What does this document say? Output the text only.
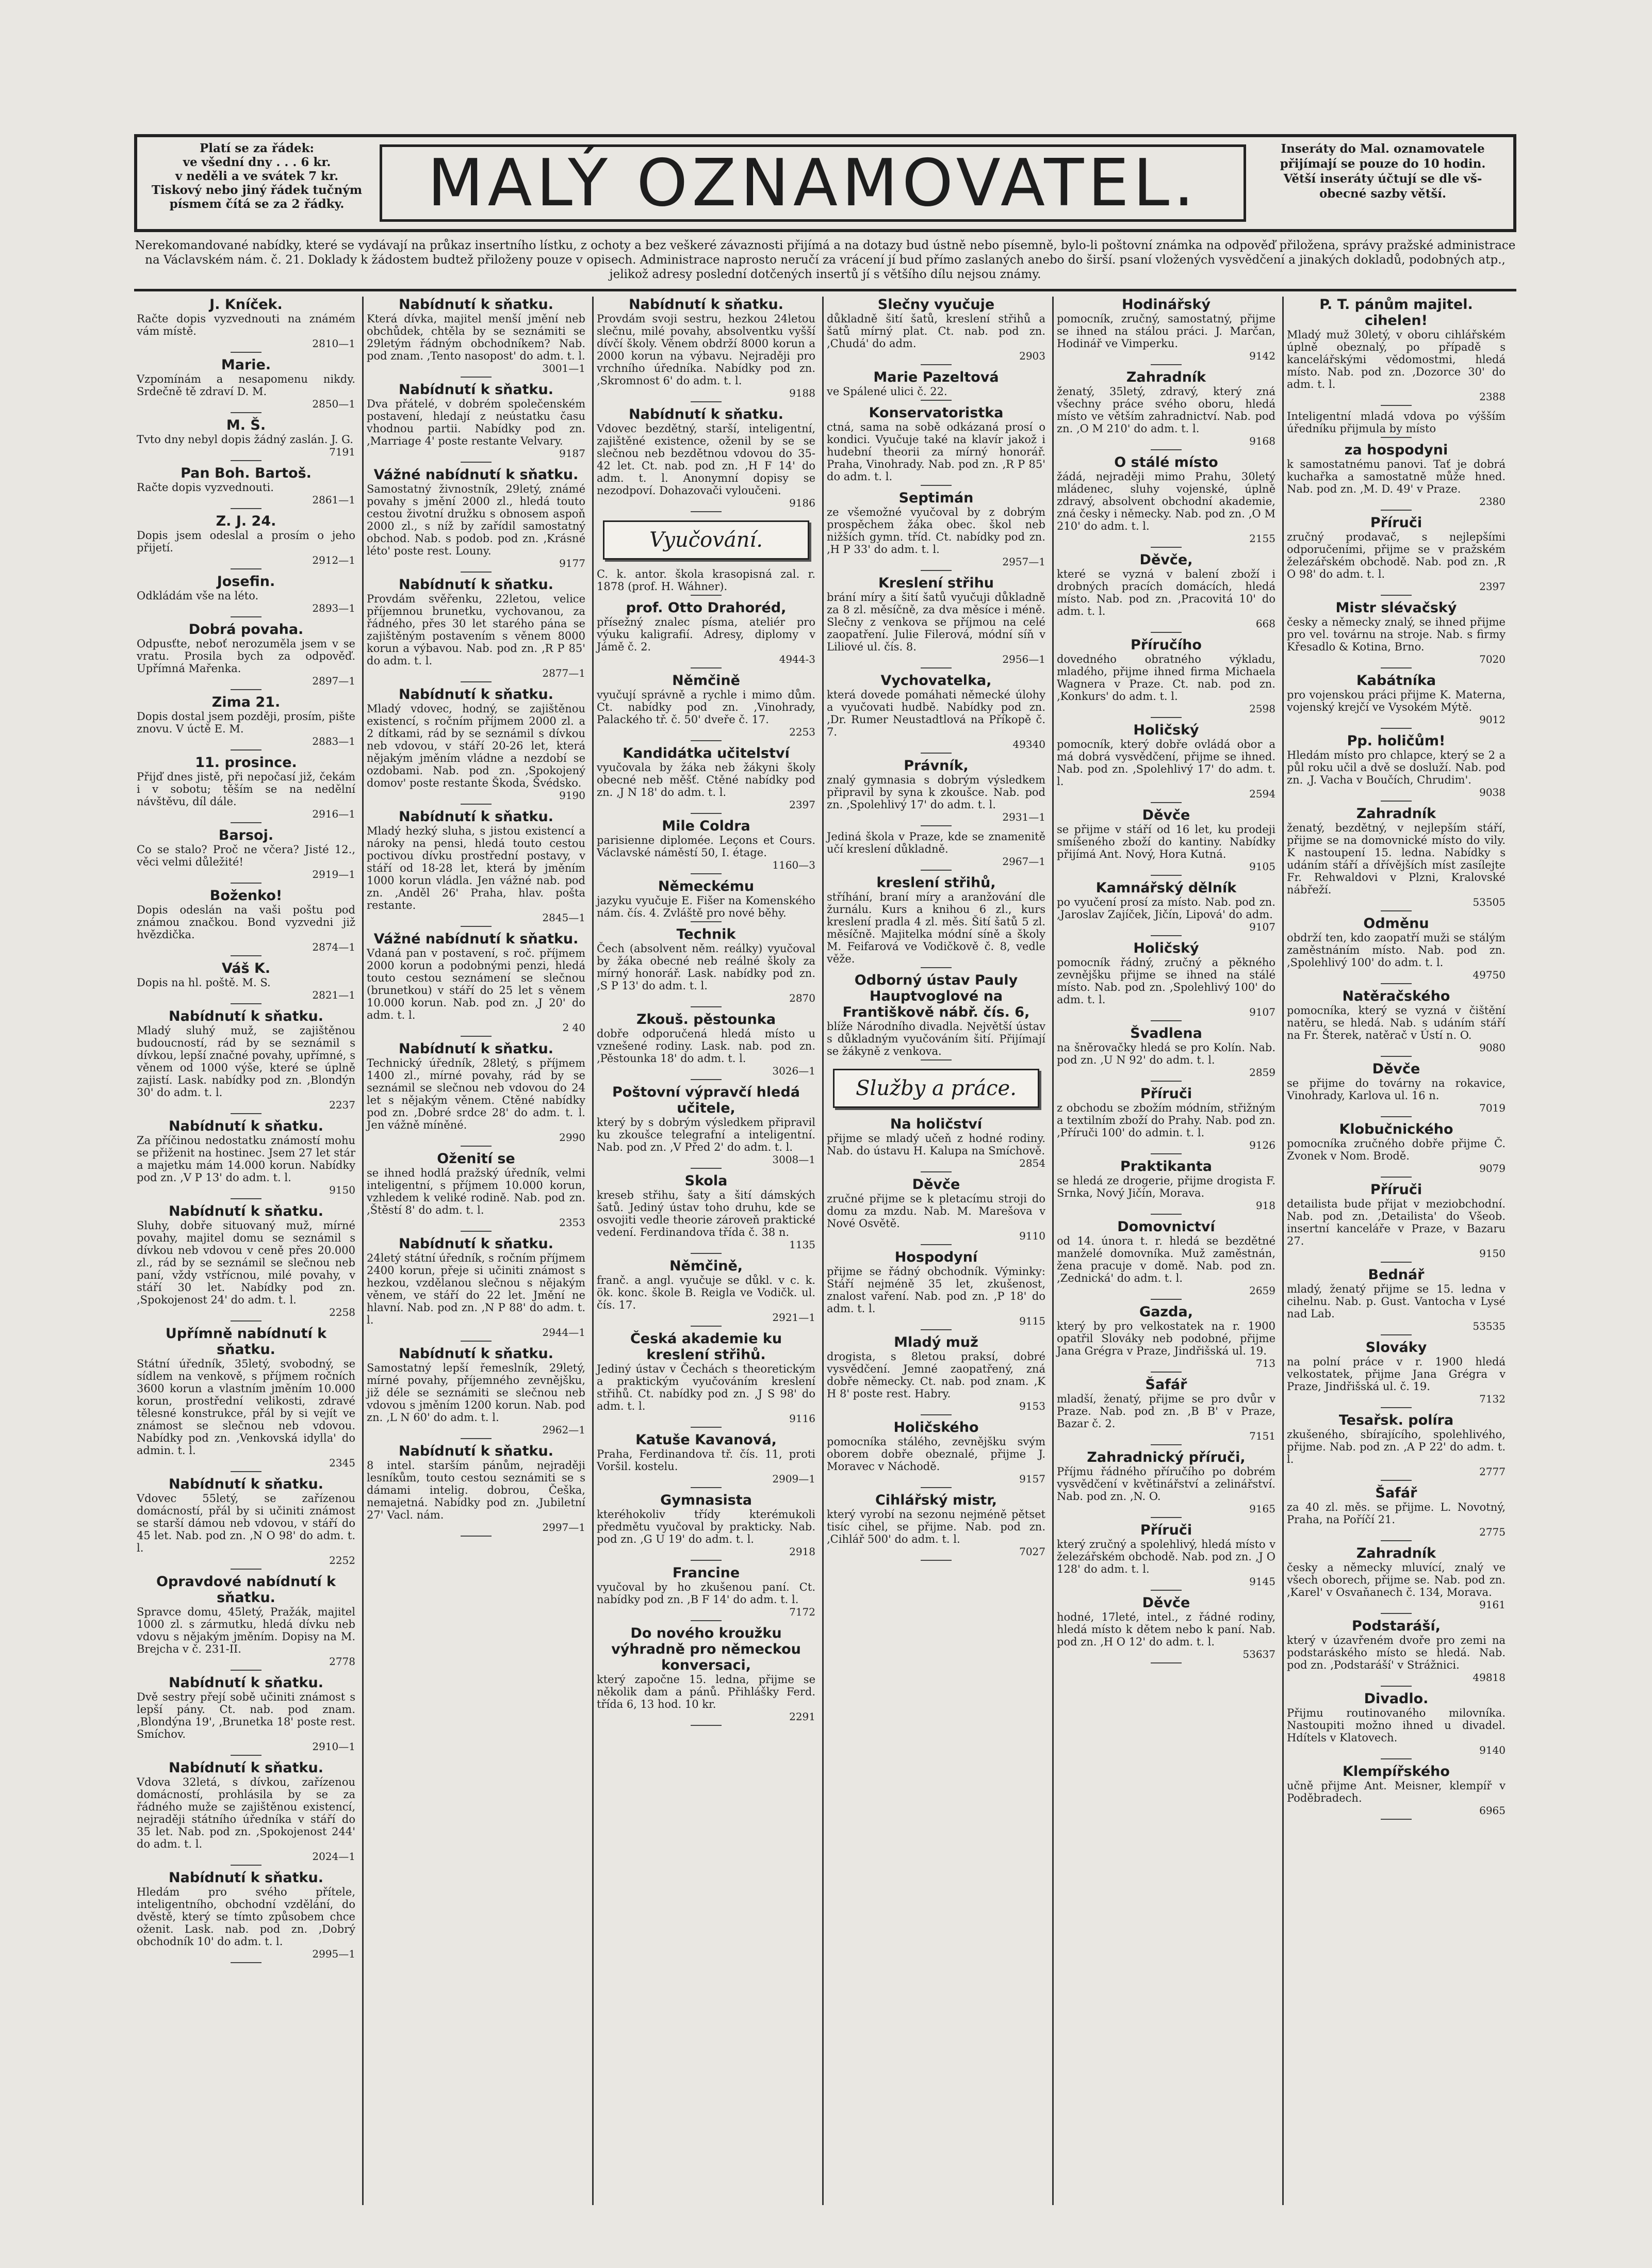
Platí se za řádek:
ve všední dny . . . 6 kr.
v neděli a ve svátek 7 kr.
Tiskový nebo jiný řádek tučným
písmem čítá se za 2 řádky.	MALÝ OZNAMOVATEL.	Inseráty do Mal. oznamovatele
přijímají se pouze do 10 hodin.
Větší inseráty účtují se dle vš-
obecné sazby větší.
Nerekomandované nabídky, které se vydávají na průkaz insertního lístku, z ochoty a bez veškeré závaznosti přijímá a na dotazy bud ústně nebo písemně, bylo-li poštovní známka na odpověď přiložena, správy pražské administrace na Václavském nám. č. 21. Doklady k žádostem budtež přiloženy pouze v opisech. Administrace naprosto neručí za vrácení jí bud přímo zaslaných anebo do širší. psaní vložených vysvědčení a jinakých dokladů, podobných atp., jelikož adresy poslední dotčených insertů jí s většího dílu nejsou známy.
J. Kníček.
Račte dopis vyzvednouti na známém vám místě.
2810—1
Marie.
Vzpomínám a nesapomenu nikdy. Srdečně tě zdraví D. M.
2850—1
M. Š.
Tvto dny nebyl dopis žádný zaslán. J. G.
7191
Pan Boh. Bartoš.
Račte dopis vyzvednouti.
2861—1
Z. J. 24.
Dopis jsem odeslal a prosím o jeho přijetí.
2912—1
Josefin.
Odkládám vše na léto.
2893—1
Dobrá povaha.
Odpusťte, neboť nerozuměla jsem v se vratu. Prosila bych za odpověď. Upřímná Mařenka.
2897—1
Zima 21.
Dopis dostal jsem později, prosím, pište znovu. V úctě E. M.
2883—1
11. prosince.
Přijď dnes jistě, při nepočasí již, čekám i v sobotu; těším se na nedělní návštěvu, díl dále.
2916—1
Barsoj.
Co se stalo? Proč ne včera? Jisté 12., věci velmi důležité!
2919—1
Boženko!
Dopis odeslán na vaši poštu pod známou značkou. Bond vyzvedni již hvězdička.
2874—1
Váš K.
Dopis na hl. poště. M. S.
2821—1
Nabídnutí k sňatku.
Mladý sluhý muž, se zajištěnou budoucností, rád by se seznámil s dívkou, lepší značné povahy, upřímné, s věnem od 1000 výše, které se úplně zajistí. Lask. nabídky pod zn. ‚Blondýn 30' do adm. t. l.
2237
Nabídnutí k sňatku.
Za příčinou nedostatku známostí mohu se přiženit na hostinec. Jsem 27 let stár a majetku mám 14.000 korun. Nabídky pod zn. ‚V P 13' do adm. t. l.
9150
Nabídnutí k sňatku.
Sluhy, dobře situovaný muž, mírné povahy, majitel domu se seznámil s dívkou neb vdovou v ceně přes 20.000 zl., rád by se seznámil se slečnou neb paní, vždy vstřícnou, milé povahy, v stáří 30 let. Nabídky pod zn. ‚Spokojenost 24' do adm. t. l.
2258
Upřímně nabídnutí k sňatku.
Státní úředník, 35letý, svobodný, se sídlem na venkově, s příjmem ročních 3600 korun a vlastním jměním 10.000 korun, prostřední velikosti, zdravé tělesné konstrukce, přál by si vejít ve známost se slečnou neb vdovou. Nabídky pod zn. ‚Venkovská idylla' do admin. t. l.
2345
Nabídnutí k sňatku.
Vdovec 55letý, se zařízenou domácností, přál by si učiniti známost se starší dámou neb vdovou, v stáří do 45 let. Nab. pod zn. ‚N O 98' do adm. t. l.
2252
Opravdové nabídnutí k sňatku.
Spravce domu, 45letý, Pražák, majitel 1000 zl. s zármutku, hledá dívku neb vdovu s nějakým jměním. Dopisy na M. Brejcha v č. 231-II.
2778
Nabídnutí k sňatku.
Dvě sestry přejí sobě učiniti známost s lepší pány. Ct. nab. pod znam. ‚Blondýna 19', ‚Brunetka 18' poste rest. Smíchov.
2910—1
Nabídnutí k sňatku.
Vdova 32letá, s dívkou, zařízenou domácností, prohlásila by se za řádného muže se zajištěnou existencí, nejraději státního úředníka v stáří do 35 let. Nab. pod zn. ‚Spokojenost 244' do adm. t. l.
2024—1
Nabídnutí k sňatku.
Hledám pro svého přítele, inteligentního, obchodní vzdělání, do dvěstě, který se tímto způsobem chce oženit. Lask. nab. pod zn. ‚Dobrý obchodník 10' do adm. t. l.
2995—1
Nabídnutí k sňatku.
Která dívka, majitel menší jmění neb obchůdek, chtěla by se seznámiti se 29letým řádným obchodníkem? Nab. pod znam. ‚Tento nasopost' do adm. t. l.
3001—1
Nabídnutí k sňatku.
Dva přátelé, v dobrém společenském postavení, hledají z neústatku času vhodnou partii. Nabídky pod zn. ‚Marriage 4' poste restante Velvary.
9187
Vážné nabídnutí k sňatku.
Samostatný živnostník, 29letý, známé povahy s jmění 2000 zl., hledá touto cestou životní družku s obnosem aspoň 2000 zl., s níž by zařídil samostatný obchod. Nab. s podob. pod zn. ‚Krásné léto' poste rest. Louny.
9177
Nabídnutí k sňatku.
Provdám svěřenku, 22letou, velice příjemnou brunetku, vychovanou, za řádného, přes 30 let starého pána se zajištěným postavením s věnem 8000 korun a výbavou. Nab. pod zn. ‚R P 85' do adm. t. l.
2877—1
Nabídnutí k sňatku.
Mladý vdovec, hodný, se zajištěnou existencí, s ročním příjmem 2000 zl. a 2 dítkami, rád by se seznámil s dívkou neb vdovou, v stáří 20-26 let, která nějakým jměním vládne a nezdobí se ozdobami. Nab. pod zn. ‚Spokojený domov' poste restante Škoda, Švédsko.
9190
Nabídnutí k sňatku.
Mladý hezký sluha, s jistou existencí a nároky na pensi, hledá touto cestou poctivou dívku prostřední postavy, v stáří od 18-28 let, která by jměním 1000 korun vládla. Jen vážné nab. pod zn. ‚Anděl 26' Praha, hlav. pošta restante.
2845—1
Vážné nabídnutí k sňatku.
Vdaná pan v postavení, s roč. příjmem 2000 korun a podobnými penzi, hledá touto cestou seznámení se slečnou (brunetkou) v stáří do 25 let s věnem 10.000 korun. Nab. pod zn. ‚J 20' do adm. t. l.
2 40
Nabídnutí k sňatku.
Technický úředník, 28letý, s příjmem 1400 zl., mírné povahy, rád by se seznámil se slečnou neb vdovou do 24 let s nějakým věnem. Ctěné nabídky pod zn. ‚Dobré srdce 28' do adm. t. l. Jen vážně míněné.
2990
Oženití se
se ihned hodlá pražský úředník, velmi inteligentní, s příjmem 10.000 korun, vzhledem k veliké rodině. Nab. pod zn. ‚Štěstí 8' do adm. t. l.
2353
Nabídnutí k sňatku.
24letý státní úředník, s ročním příjmem 2400 korun, přeje si učiniti známost s hezkou, vzdělanou slečnou s nějakým věnem, ve stáří do 22 let. Jmění ne hlavní. Nab. pod zn. ‚N P 88' do adm. t. l.
2944—1
Nabídnutí k sňatku.
Samostatný lepší řemeslník, 29letý, mírné povahy, příjemného zevnějšku, již déle se seznámiti se slečnou neb vdovou s jměním 1200 korun. Nab. pod zn. ‚L N 60' do adm. t. l.
2962—1
Nabídnutí k sňatku.
8 intel. starším pánům, nejraději lesníkům, touto cestou seznámiti se s dámami intelig. dobrou, Češka, nemajetná. Nabídky pod zn. ‚Jubiletní 27' Vacl. nám.
2997—1
Nabídnutí k sňatku.
Provdám svoji sestru, hezkou 24letou slečnu, milé povahy, absolventku vyšší dívčí školy. Věnem obdrží 8000 korun a 2000 korun na výbavu. Nejraději pro vrchního úředníka. Nabídky pod zn. ‚Skromnost 6' do adm. t. l.
9188
Nabídnutí k sňatku.
Vdovec bezdětný, starší, inteligentní, zajištěné existence, oženil by se se slečnou neb bezdětnou vdovou do 35-42 let. Ct. nab. pod zn. ‚H F 14' do adm. t. l. Anonymní dopisy se nezodpoví. Dohazovači vyloučeni.
9186
Vyučování.
C. k. antor. škola krasopisná zal. r. 1878 (prof. H. Wáhner).
prof. Otto Drahoréd,
přísežný znalec písma, ateliér pro výuku kaligrafií. Adresy, diplomy v Jámě č. 2.
4944-3
Němčině
vyučují správně a rychle i mimo dům. Ct. nabídky pod zn. ‚Vinohrady, Palackého tř. č. 50' dveře č. 17.
2253
Kandidátka učitelství
vyučovala by žáka neb žákyni školy obecné neb měšť. Ctěné nabídky pod zn. ‚J N 18' do adm. t. l.
2397
Mile Coldra
parisienne diplomée. Leçons et Cours. Václavské náměstí 50, I. étage.
1160—3
Německému
jazyku vyučuje E. Fišer na Komenského nám. čís. 4. Zvláště pro nové běhy.
Technik
Čech (absolvent něm. reálky) vyučoval by žáka obecné neb reálné školy za mírný honorář. Lask. nabídky pod zn. ‚S P 13' do adm. t. l.
2870
Zkouš. pěstounka
dobře odporučená hledá místo u vznešené rodiny. Lask. nab. pod zn. ‚Pěstounka 18' do adm. t. l.
3026—1
Poštovní výpravčí hledá učitele,
který by s dobrým výsledkem připravil ku zkoušce telegrafní a inteligentní. Nab. pod zn. ‚V Před 2' do adm. t. l.
3008—1
Skola
kreseb střihu, šaty a šití dámských šatů. Jediný ústav toho druhu, kde se osvojiti vedle theorie zároveň praktické vedení. Ferdinandova třída č. 38 n.
1135
Němčině,
franč. a angl. vyučuje se důkl. v c. k. ök. konc. škole B. Reigla ve Vodičk. ul. čís. 17.
2921—1
Česká akademie ku kreslení střihů.
Jediný ústav v Čechách s theoretickým a praktickým vyučováním kreslení střihů. Ct. nabídky pod zn. ‚J S 98' do adm. t. l.
9116
Katuše Kavanová,
Praha, Ferdinandova tř. čís. 11, proti Voršil. kostelu.
2909—1
Gymnasista
kteréhokoliv třídy kterémukoli předmětu vyučoval by prakticky. Nab. pod zn. ‚G U 19' do adm. t. l.
2918
Francine
vyučoval by ho zkušenou paní. Ct. nabídky pod zn. ‚B F 14' do adm. t. l.
7172
Do nového kroužku výhradně pro německou konversaci,
který započne 15. ledna, přijme se několik dam a pánů. Přihlášky Ferd. třída 6, 13 hod. 10 kr.
2291
Slečny vyučuje
důkladně šití šatů, kreslení střihů a šatů mírný plat. Ct. nab. pod zn. ‚Chudá' do adm.
2903
Marie Pazeltová
ve Spálené ulici č. 22.
Konservatoristka
ctná, sama na sobě odkázaná prosí o kondici. Vyučuje také na klavír jakož i hudební theorii za mírný honorář. Praha, Vinohrady. Nab. pod zn. ‚R P 85' do adm. t. l.
Septimán
ze všemožné vyučoval by z dobrým prospěchem žáka obec. škol neb nižších gymn. tříd. Ct. nabídky pod zn. ‚H P 33' do adm. t. l.
2957—1
Kreslení střihu
brání míry a šití šatů vyučuji důkladně za 8 zl. měsíčně, za dva měsíce i méně. Slečny z venkova se příjmou na celé zaopatření. Julie Filerová, módní síň v Liliové ul. čís. 8.
2956—1
Vychovatelka,
která dovede pomáhati německé úlohy a vyučovati hudbě. Nabídky pod zn. ‚Dr. Rumer Neustadtlová na Příkopě č. 7.
49340
Právník,
znalý gymnasia s dobrým výsledkem připravil by syna k zkoušce. Nab. pod zn. ‚Spolehlivý 17' do adm. t. l.
2931—1
Jediná škola v Praze, kde se znamenitě učí kreslení důkladně.
2967—1
kreslení střihů,
stříhání, braní míry a aranžování dle žurnálu. Kurs a knihou 6 zl., kurs kreslení pradla 4 zl. měs. Šití šatů 5 zl. měsíčně. Majitelka módní síně a školy M. Feifarová ve Vodičkově č. 8, vedle věže.
Odborný ústav Pauly Hauptvoglové na Františkově nábř. čís. 6,
blíže Národního divadla. Největší ústav s důkladným vyučováním šití. Přijímají se žákyně z venkova.
Služby a práce.
Na holičství
přijme se mladý učeň z hodné rodiny. Nab. do ústavu H. Kalupa na Smíchově.
2854
Děvče
zručné přijme se k pletacímu stroji do domu za mzdu. Nab. M. Marešova v Nové Osvětě.
9110
Hospodyní
přijme se řádný obchodník. Výminky: Stáří nejméně 35 let, zkušenost, znalost vaření. Nab. pod zn. ‚P 18' do adm. t. l.
9115
Mladý muž
drogista, s 8letou praksí, dobré vysvědčení. Jemné zaopatřený, zná dobře německy. Ct. nab. pod znam. ‚K H 8' poste rest. Habry.
9153
Holičského
pomocníka stálého, zevnějšku svým oborem dobře obeznalé, přijme J. Moravec v Náchodě.
9157
Cihlářský mistr,
který vyrobí na sezonu nejméně pětset tisíc cihel, se přijme. Nab. pod zn. ‚Cihlář 500' do adm. t. l.
7027
Hodinářský
pomocník, zručný, samostatný, přijme se ihned na stálou práci. J. Marčan, Hodinář ve Vimperku.
9142
Zahradník
ženatý, 35letý, zdravý, který zná všechny práce svého oboru, hledá místo ve větším zahradnictví. Nab. pod zn. ‚O M 210' do adm. t. l.
9168
O stálé místo
žádá, nejraději mimo Prahu, 30letý mládenec, sluhy vojenské, úplně zdravý, absolvent obchodní akademie, zná česky i německy. Nab. pod zn. ‚O M 210' do adm. t. l.
2155
Děvče,
které se vyzná v balení zboží i drobných pracích domácích, hledá místo. Nab. pod zn. ‚Pracovitá 10' do adm. t. l.
668
Příručího
dovedného obratného výkladu, mladého, přijme ihned firma Michaela Wagnera v Praze. Ct. nab. pod zn. ‚Konkurs' do adm. t. l.
2598
Holičský
pomocník, který dobře ovládá obor a má dobrá vysvědčení, přijme se ihned. Nab. pod zn. ‚Spolehlivý 17' do adm. t. l.
2594
Děvče
se přijme v stáří od 16 let, ku prodeji smíšeného zboží do kantiny. Nabídky přijímá Ant. Nový, Hora Kutná.
9105
Kamnářský dělník
po vyučení prosí za místo. Nab. pod zn. ‚Jaroslav Zajíček, Jičín, Lipová' do adm.
9107
Holičský
pomocník řádný, zručný a pěkného zevnějšku přijme se ihned na stálé místo. Nab. pod zn. ‚Spolehlivý 100' do adm. t. l.
9107
Švadlena
na šněrovačky hledá se pro Kolín. Nab. pod zn. ‚U N 92' do adm. t. l.
2859
Příruči
z obchodu se zbožím módním, střižným a textilním zboží do Prahy. Nab. pod zn. ‚Příruči 100' do admin. t. l.
9126
Praktikanta
se hledá ze drogerie, přijme drogista F. Srnka, Nový Jičín, Morava.
918
Domovnictví
od 14. února t. r. hledá se bezdětné manželé domovníka. Muž zaměstnán, žena pracuje v domě. Nab. pod zn. ‚Zednická' do adm. t. l.
2659
Gazda,
který by pro velkostatek na r. 1900 opatřil Slováky neb podobné, přijme Jana Grégra v Praze, Jindřišská ul. 19.
713
Šafář
mladší, ženatý, přijme se pro dvůr v Praze. Nab. pod zn. ‚B B' v Praze, Bazar č. 2.
7151
Zahradnický příruči,
Příjmu řádného příručího po dobrém vysvědčení v květinářství a zelinářství. Nab. pod zn. ‚N. O.
9165
Příruči
který zručný a spolehlivý, hledá místo v železářském obchodě. Nab. pod zn. ‚J O 128' do adm. t. l.
9145
Děvče
hodné, 17leté, intel., z řádné rodiny, hledá místo k dětem nebo k paní. Nab. pod zn. ‚H O 12' do adm. t. l.
53637
P. T. pánům majitel. cihelen!
Mladý muž 30letý, v oboru cihlářském úplně obeznalý, po případě s kancelářskými vědomostmi, hledá místo. Nab. pod zn. ‚Dozorce 30' do adm. t. l.
2388
Inteligentní mladá vdova po výšším úředníku přijmula by místo
za hospodyni
k samostatnému panovi. Tať je dobrá kuchařka a samostatně může hned. Nab. pod zn. ‚M. D. 49' v Praze.
2380
Příruči
zručný prodavač, s nejlepšími odporučeními, přijme se v pražském železářském obchodě. Nab. pod zn. ‚R O 98' do adm. t. l.
2397
Mistr slévačský
česky a německy znalý, se ihned přijme pro vel. továrnu na stroje. Nab. s firmy Křesadlo & Kotina, Brno.
7020
Kabátníka
pro vojenskou práci přijme K. Materna, vojenský krejčí ve Vysokém Mýtě.
9012
Pp. holičům!
Hledám místo pro chlapce, který se 2 a půl roku učil a dvě se dosluží. Nab. pod zn. ‚J. Vacha v Boučích, Chrudim'.
9038
Zahradník
ženatý, bezdětný, v nejlepším stáří, přijme se na domovnické místo do vily. K nastoupení 15. ledna. Nabídky s udáním stáří a dřívějších míst zasílejte Fr. Rehwaldovi v Plzni, Kralovské nábřeží.
53505
Odměnu
obdrží ten, kdo zaopatří muži se stálým zaměstnáním místo. Nab. pod zn. ‚Spolehlivý 100' do adm. t. l.
49750
Natěračského
pomocníka, který se vyzná v čištění natěru, se hledá. Nab. s udáním stáří na Fr. Šterek, natěrač v Ústí n. O.
9080
Děvče
se přijme do továrny na rokavice, Vinohrady, Karlova ul. 16 n.
7019
Klobučnického
pomocníka zručného dobře přijme Č. Zvonek v Nom. Brodě.
9079
Příruči
detailista bude přijat v meziobchodní. Nab. pod zn. ‚Detailista' do Všeob. insertní kanceláře v Praze, v Bazaru 27.
9150
Bednář
mladý, ženatý přijme se 15. ledna v cihelnu. Nab. p. Gust. Vantocha v Lysé nad Lab.
53535
Slováky
na polní práce v r. 1900 hledá velkostatek, přijme Jana Grégra v Praze, Jindřišská ul. č. 19.
7132
Tesařsk. políra
zkušeného, sbírajícího, spolehlivého, přijme. Nab. pod zn. ‚A P 22' do adm. t. l.
2777
Šafář
za 40 zl. měs. se přijme. L. Novotný, Praha, na Poříčí 21.
2775
Zahradník
česky a německy mluvící, znalý ve všech oborech, přijme se. Nab. pod zn. ‚Karel' v Osvaňanech č. 134, Morava.
9161
Podstaráší,
který v úzavřeném dvoře pro zemi na podstaráského místo se hledá. Nab. pod zn. ‚Podstaráší' v Strážnici.
49818
Divadlo.
Přijmu routinovaného milovníka. Nastoupiti možno ihned u divadel. Hdítels v Klatovech.
9140
Klempířského
učně přijme Ant. Meisner, klempíř v Poděbradech.
6965
